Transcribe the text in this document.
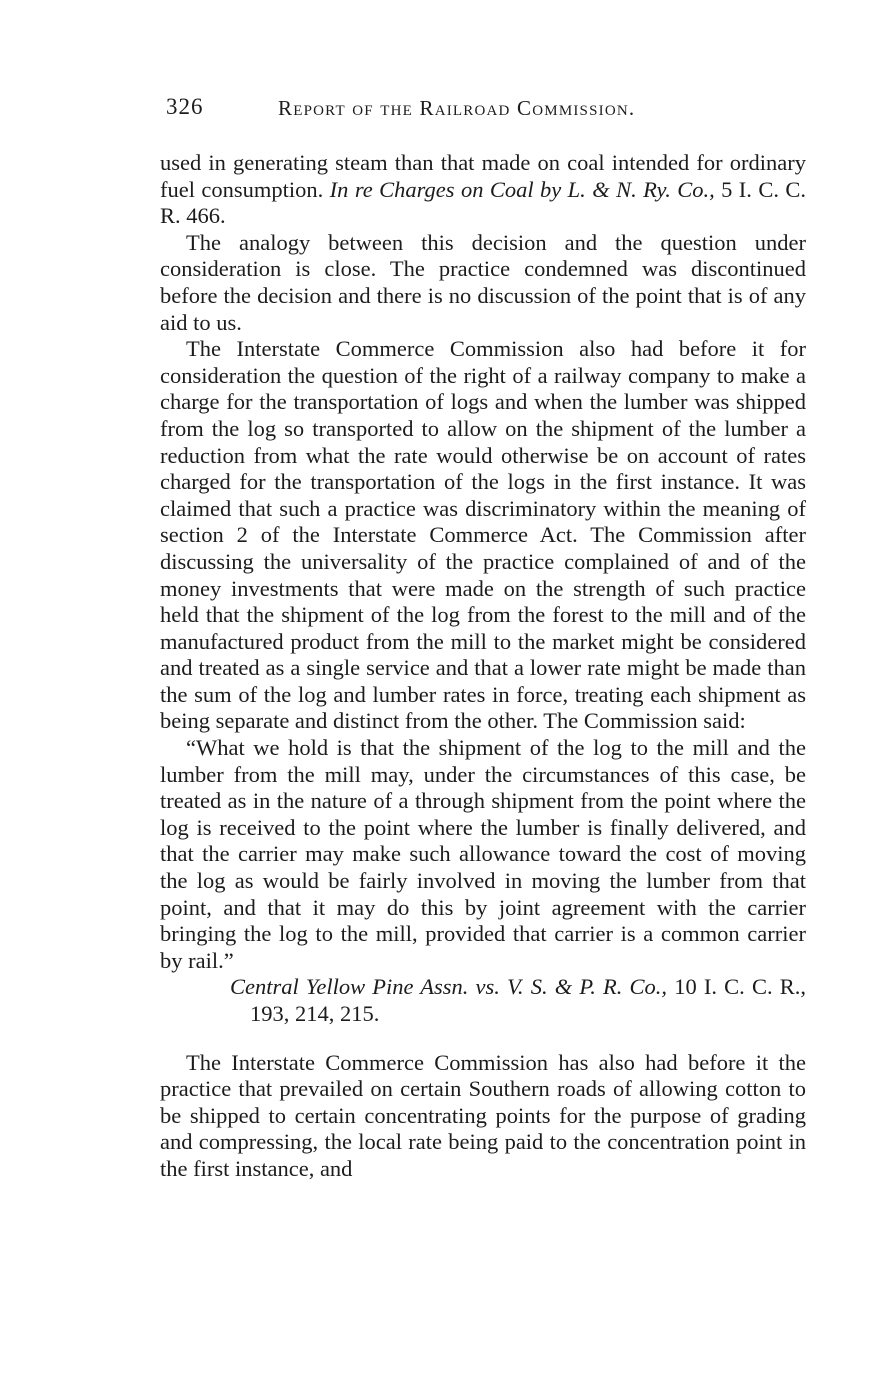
326	Report of the Railroad Commission.

used in generating steam than that made on coal intended for ordinary fuel consumption. In re Charges on Coal by L. & N. Ry. Co., 5 I. C. C. R. 466.

The analogy between this decision and the question under consideration is close. The practice condemned was discontinued before the decision and there is no discussion of the point that is of any aid to us.

The Interstate Commerce Commission also had before it for consideration the question of the right of a railway company to make a charge for the transportation of logs and when the lumber was shipped from the log so transported to allow on the shipment of the lumber a reduction from what the rate would otherwise be on account of rates charged for the transportation of the logs in the first instance. It was claimed that such a practice was discriminatory within the meaning of section 2 of the Interstate Commerce Act. The Commission after discussing the universality of the practice complained of and of the money investments that were made on the strength of such practice held that the shipment of the log from the forest to the mill and of the manufactured product from the mill to the market might be considered and treated as a single service and that a lower rate might be made than the sum of the log and lumber rates in force, treating each shipment as being separate and distinct from the other. The Commission said:

“What we hold is that the shipment of the log to the mill and the lumber from the mill may, under the circumstances of this case, be treated as in the nature of a through shipment from the point where the log is received to the point where the lumber is finally delivered, and that the carrier may make such allowance toward the cost of moving the log as would be fairly involved in moving the lumber from that point, and that it may do this by joint agreement with the carrier bringing the log to the mill, provided that carrier is a common carrier by rail.”

Central Yellow Pine Assn. vs. V. S. & P. R. Co., 10 I. C. C. R., 193, 214, 215.

The Interstate Commerce Commission has also had before it the practice that prevailed on certain Southern roads of allowing cotton to be shipped to certain concentrating points for the purpose of grading and compressing, the local rate being paid to the concentration point in the first instance, and
